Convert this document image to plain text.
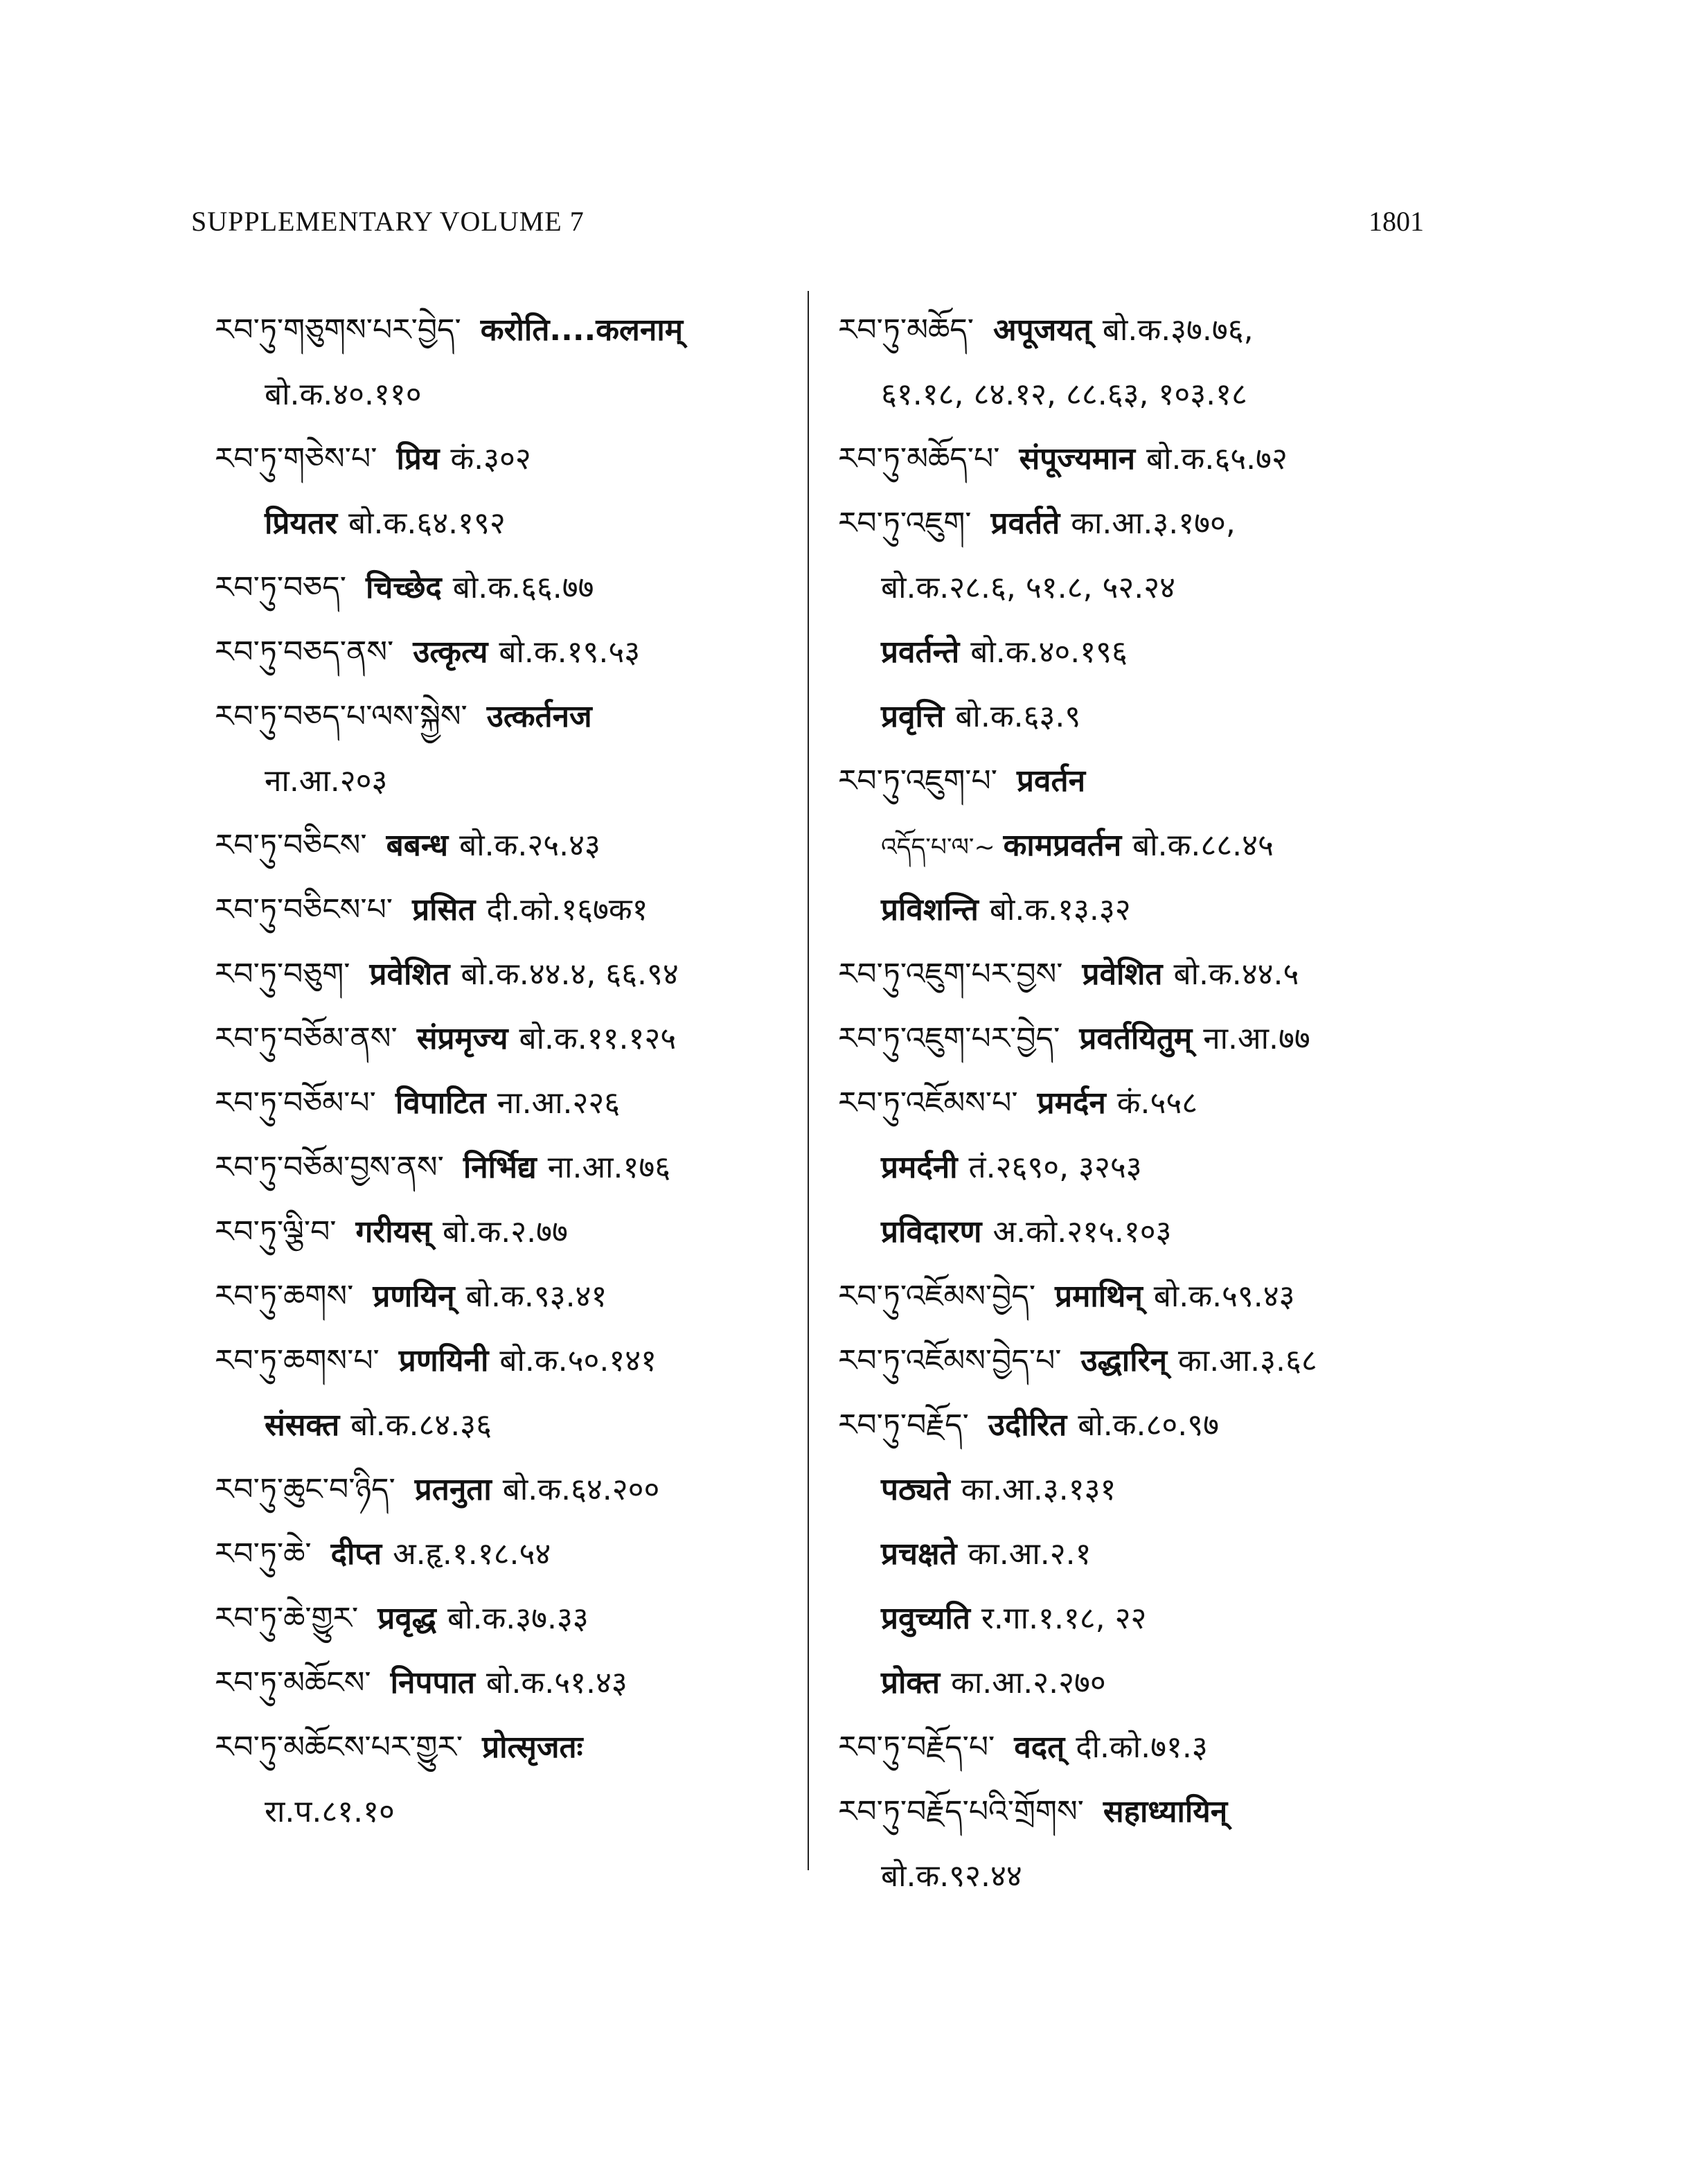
SUPPLEMENTARY VOLUME 7	1801
རབ་ཏུ་གཅུགས་པར་བྱེད་ करोति....कलनाम्
बो.क.४०.११०
རབ་ཏུ་གཅེས་པ་ प्रिय कं.३०२
प्रियतर बो.क.६४.१९२
རབ་ཏུ་བཅད་ चिच्छेद बो.क.६६.७७
རབ་ཏུ་བཅད་ནས་ उत्कृत्य बो.क.१९.५३
རབ་ཏུ་བཅད་པ་ལས་སྐྱེས་ उत्कर्तनज
ना.आ.२०३
རབ་ཏུ་བཅིངས་ बबन्ध बो.क.२५.४३
རབ་ཏུ་བཅིངས་པ་ प्रसित दी.को.१६७क१
རབ་ཏུ་བཅུག་ प्रवेशित बो.क.४४.४, ६६.९४
རབ་ཏུ་བཅོམ་ནས་ संप्रमृज्य बो.क.११.१२५
རབ་ཏུ་བཅོམ་པ་ विपाटित ना.आ.२२६
རབ་ཏུ་བཅོམ་བྱས་ནས་ निर्भिद्य ना.आ.१७६
རབ་ཏུ་ལྕི་བ་ गरीयस् बो.क.२.७७
རབ་ཏུ་ཆགས་ प्रणयिन् बो.क.९३.४१
རབ་ཏུ་ཆགས་པ་ प्रणयिनी बो.क.५०.१४१
संसक्त बो.क.८४.३६
རབ་ཏུ་ཆུང་བ་ཉིད་ प्रतनुता बो.क.६४.२००
རབ་ཏུ་ཆེ་ दीप्त अ.हृ.१.१८.५४
རབ་ཏུ་ཆེ་གྱུར་ प्रवृद्ध बो.क.३७.३३
རབ་ཏུ་མཆོངས་ निपपात बो.क.५१.४३
རབ་ཏུ་མཆོངས་པར་གྱུར་ प्रोत्सृजतः
रा.प.८१.१०
རབ་ཏུ་མཆོད་ अपूजयत् बो.क.३७.७६,
६१.१८, ८४.१२, ८८.६३, १०३.१८
རབ་ཏུ་མཆོད་པ་ संपूज्यमान बो.क.६५.७२
རབ་ཏུ་འཇུག་ प्रवर्तते का.आ.३.१७०,
बो.क.२८.६, ५१.८, ५२.२४
प्रवर्तन्ते बो.क.४०.१९६
प्रवृत्ति बो.क.६३.९
རབ་ཏུ་འཇུག་པ་ प्रवर्तन
འདོད་པ་ལ་~ कामप्रवर्तन बो.क.८८.४५
प्रविशन्ति बो.क.१३.३२
རབ་ཏུ་འཇུག་པར་བྱས་ प्रवेशित बो.क.४४.५
རབ་ཏུ་འཇུག་པར་བྱེད་ प्रवर्तयितुम् ना.आ.७७
རབ་ཏུ་འཇོམས་པ་ प्रमर्दन कं.५५८
प्रमर्दनी तं.२६९०, ३२५३
प्रविदारण अ.को.२१५.१०३
རབ་ཏུ་འཇོམས་བྱེད་ प्रमाथिन् बो.क.५९.४३
རབ་ཏུ་འཇོམས་བྱེད་པ་ उद्धारिन् का.आ.३.६८
རབ་ཏུ་བརྗོད་ उदीरित बो.क.८०.९७
पठ्यते का.आ.३.१३१
प्रचक्षते का.आ.२.१
प्रवुच्यति र.गा.१.१८, २२
प्रोक्त का.आ.२.२७०
རབ་ཏུ་བརྗོད་པ་ वदत् दी.को.७१.३
རབ་ཏུ་བརྗོད་པའི་གྲོགས་ सहाध्यायिन्
बो.क.९२.४४
